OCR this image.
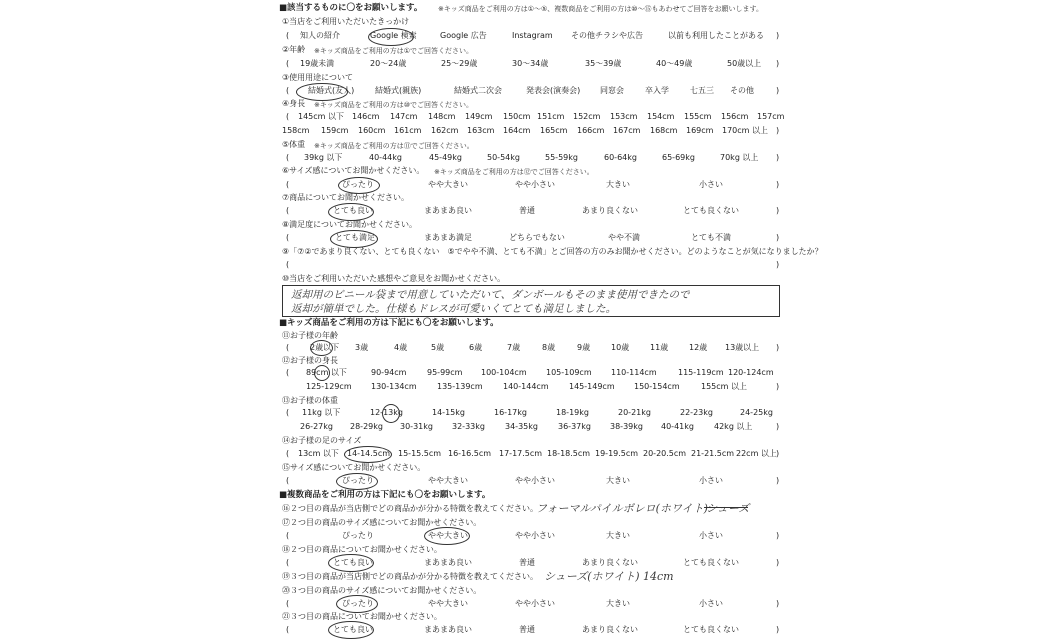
■該当するものに〇をお願いします。 ※キッズ商品をご利用の方は①～⑤、複数商品をご利用の方は⑩～⑮もあわせてご回答をお願いします。
①当店をご利用いただいたきっかけ
( 知人の紹介	Google 検索	Google 広告	Instagram その他チラシや広告	以前も利用したことがある )
②年齢 ※キッズ商品をご利用の方は①でご回答ください。
( 19歳未満	20～24歳	25～29歳	30～34歳	35～39歳	40～49歳	50歳以上 )
③使用用途について
( 結婚式(友人)	結婚式(親族)	結婚式二次会	発表会(演奏会) 同窓会	卒入学	七五三 その他	)
④身長 ※キッズ商品をご利用の方は⑩でご回答ください。
( 145cm 以下 146cm 147cm 148cm 149cm 150cm 151cm 152cm 153cm 154cm 155cm 156cm 157cm
158cm 159cm 160cm 161cm 162cm 163cm 164cm 165cm 166cm 167cm 168cm 169cm 170cm 以上 )
⑤体重 ※キッズ商品をご利用の方は⑪でご回答ください。
( 39kg 以下	40-44kg	45-49kg	50-54kg	55-59kg	60-64kg	65-69kg	70kg 以上 )
⑥サイズ感についてお聞かせください。 ※キッズ商品をご利用の方は⑫でご回答ください。
(	ぴったり	やや大きい	やや小さい	大きい	小さい	)
⑦商品についてお聞かせください。
(	とても良い	まあまあ良い	普通	あまり良くない	とても良くない	)
⑧満足度についてお聞かせください。
(	とても満足	まあまあ満足	どちらでもない	やや不満	とても不満	)
⑨「⑦②であまり良くない、とても良くない　⑤でやや不満、とても不満」とご回答の方のみお聞かせください。どのようなことが気になりましたか？
(	)
⑩当店をご利用いただいた感想やご意見をお聞かせください。
返却用のビニール袋まで用意していただいて、ダンボールもそのまま使用できたので
返却が簡単でした。仕様もドレスが可愛いくてとても満足しました。
■キッズ商品をご利用の方は下記にも〇をお願いします。
⑪お子様の年齢
(	2歳以下 3歳	4歳	5歳	6歳	7歳	8歳	9歳	10歳	11歳	12歳 13歳以上 )
⑫お子様の身長
( 89cm 以下	90-94cm	95-99cm 100-104cm 105-109cm 110-114cm	115-119cm 120-124cm
125-129cm 130-134cm	135-139cm	140-144cm	145-149cm 150-154cm	155cm 以上	)
⑬お子様の体重
( 11kg 以下	12-13kg	14-15kg	16-17kg	18-19kg	20-21kg	22-23kg	24-25kg
26-27kg 28-29kg 30-31kg 32-33kg	34-35kg	36-37kg 38-39kg 40-41kg	42kg 以上	)
⑭お子様の足のサイズ
( 13cm 以下 14-14.5cm 15-15.5cm 16-16.5cm 17-17.5cm 18-18.5cm 19-19.5cm 20-20.5cm 21-21.5cm 22cm 以上 )
⑮サイズ感についてお聞かせください。
(	ぴったり	やや大きい	やや小さい	大きい	小さい	)
■複数商品をご利用の方は下記にも〇をお願いします。
⑯２つ目の商品が当店側でどの商品かが分かる特徴を教えてください。
フォーマルパイルボレロ(ホワイト)
シューズ
⑰２つ目の商品のサイズ感についてお聞かせください。
(	ぴったり	やや大きい	やや小さい	大きい	小さい	)
⑱２つ目の商品についてお聞かせください。
(	とても良い	まあまあ良い	普通	あまり良くない	とても良くない	)
⑲３つ目の商品が当店側でどの商品かが分かる特徴を教えてください。 シューズ(ホワイト) 14cm
⑳３つ目の商品のサイズ感についてお聞かせください。
(	ぴったり	やや大きい	やや小さい	大きい	小さい	)
㉑３つ目の商品についてお聞かせください。
(	とても良い	まあまあ良い	普通	あまり良くない	とても良くない	)
